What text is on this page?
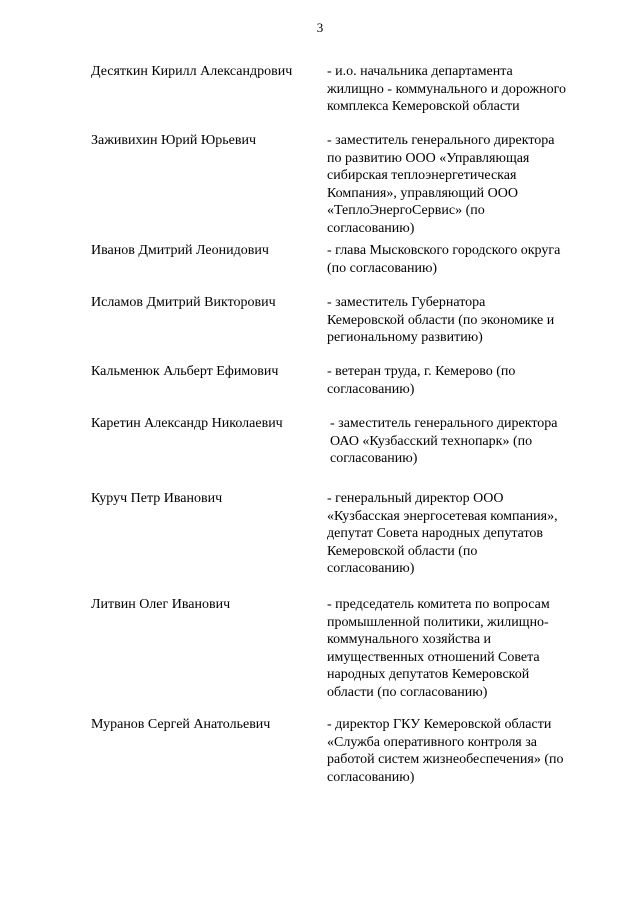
3
Десяткин Кирилл Александрович	- и.о. начальника департамента
жилищно - коммунального и дорожного
комплекса Кемеровской области
Заживихин Юрий Юрьевич	- заместитель генерального директора
по развитию ООО «Управляющая
сибирская теплоэнергетическая
Компания», управляющий ООО
«ТеплоЭнергоСервис» (по
согласованию)
Иванов Дмитрий Леонидович	- глава Мысковского городского округа
(по согласованию)
Исламов Дмитрий Викторович	- заместитель Губернатора
Кемеровской области (по экономике и
региональному развитию)
Кальменюк Альберт Ефимович	- ветеран труда, г. Кемерово (по
согласованию)
Каретин Александр Николаевич	- заместитель генерального директора
ОАО «Кузбасский технопарк» (по
согласованию)
Куруч Петр Иванович	- генеральный директор ООО
«Кузбасская энергосетевая компания»,
депутат Совета народных депутатов
Кемеровской области (по
согласованию)
Литвин Олег Иванович	- председатель комитета по вопросам
промышленной политики, жилищно-
коммунального хозяйства и
имущественных отношений Совета
народных депутатов Кемеровской
области (по согласованию)
Муранов Сергей Анатольевич	- директор ГКУ Кемеровской области
«Служба оперативного контроля за
работой систем жизнеобеспечения» (по
согласованию)
